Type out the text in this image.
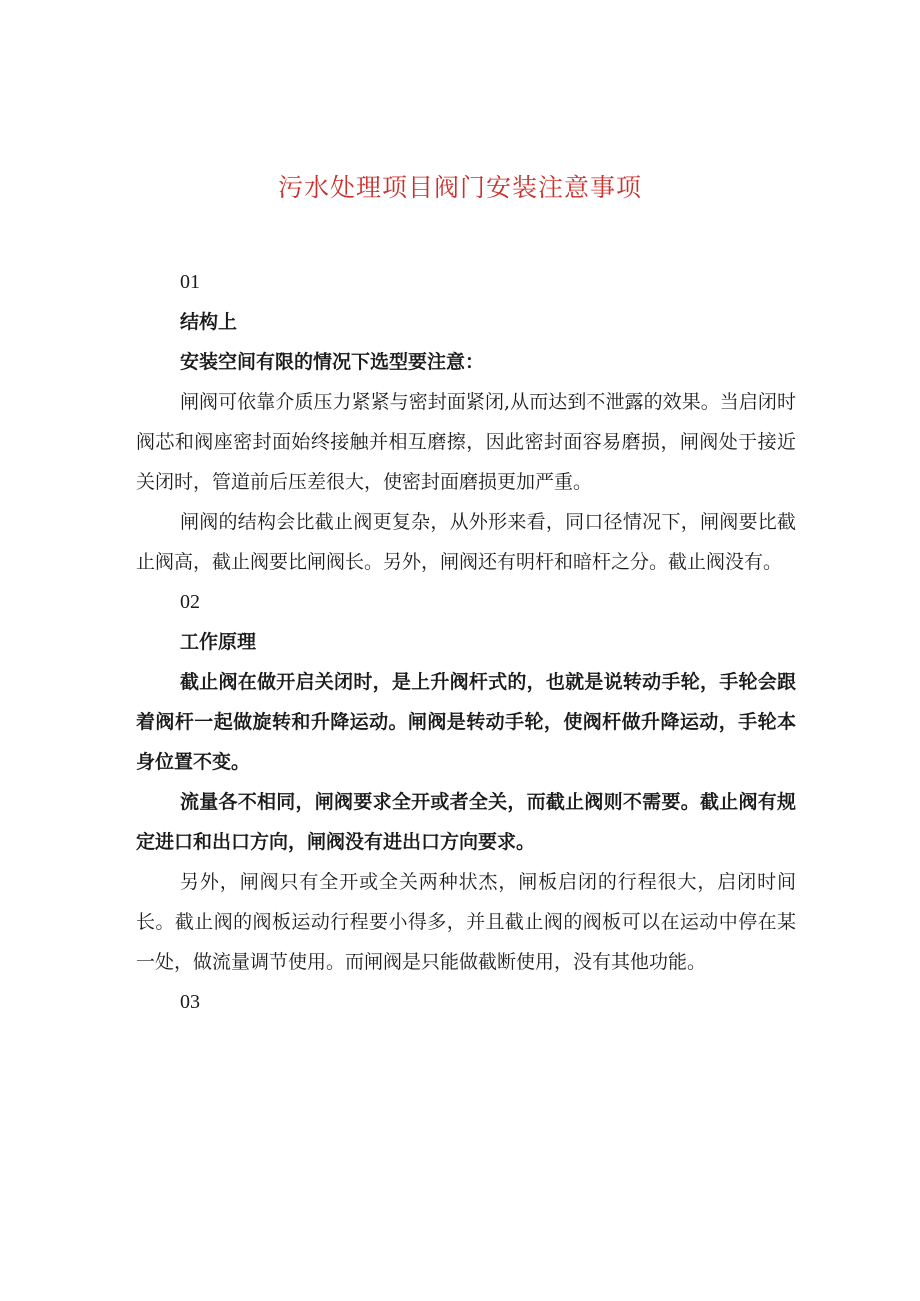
污水处理项目阀门安装注意事项

01

结构上

安装空间有限的情况下选型要注意：

闸阀可依靠介质压力紧紧与密封面紧闭,从而达到不泄露的效果。当启闭时阀芯和阀座密封面始终接触并相互磨擦，因此密封面容易磨损，闸阀处于接近关闭时，管道前后压差很大，使密封面磨损更加严重。

闸阀的结构会比截止阀更复杂，从外形来看，同口径情况下，闸阀要比截止阀高，截止阀要比闸阀长。另外，闸阀还有明杆和暗杆之分。截止阀没有。

02

工作原理

截止阀在做开启关闭时，是上升阀杆式的，也就是说转动手轮，手轮会跟着阀杆一起做旋转和升降运动。闸阀是转动手轮，使阀杆做升降运动，手轮本身位置不变。

流量各不相同，闸阀要求全开或者全关，而截止阀则不需要。截止阀有规定进口和出口方向，闸阀没有进出口方向要求。

另外，闸阀只有全开或全关两种状杰，闸板启闭的行程很大，启闭时间长。截止阀的阀板运动行程要小得多，并且截止阀的阀板可以在运动中停在某一处，做流量调节使用。而闸阀是只能做截断使用，没有其他功能。

03
